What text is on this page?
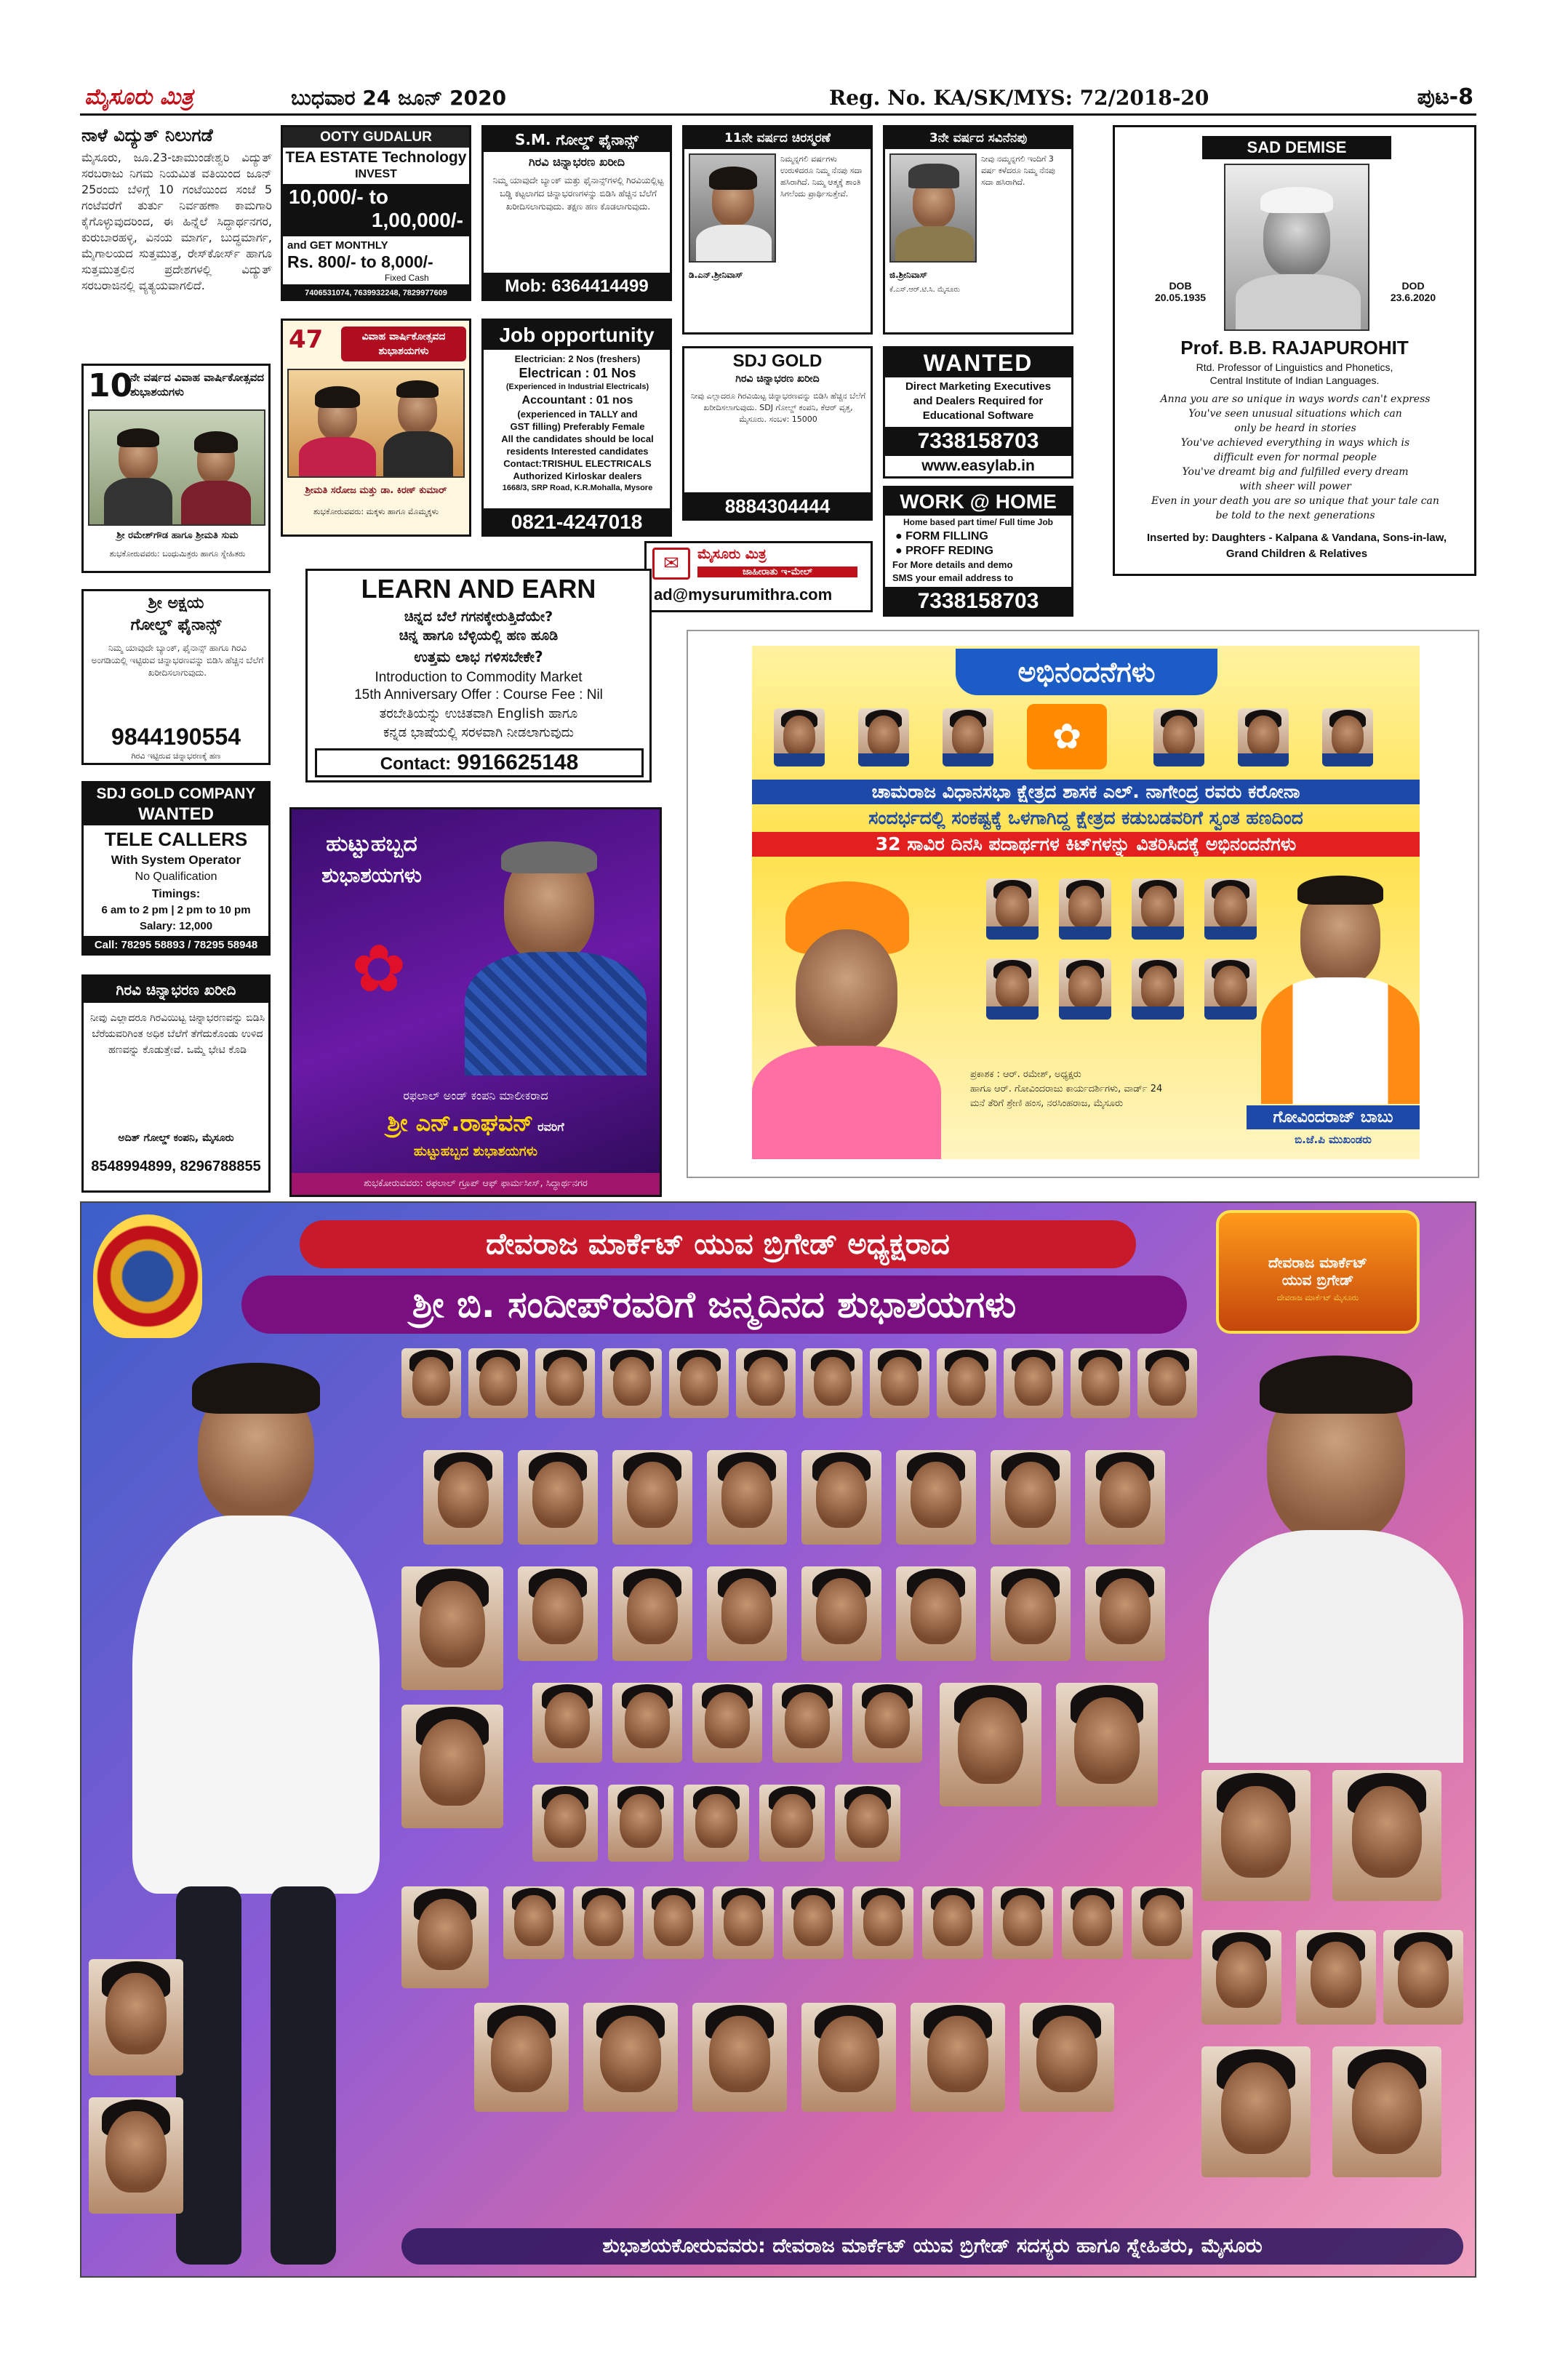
ಮೈಸೂರು ಮಿತ್ರ	ಬುಧವಾರ 24 ಜೂನ್ 2020	Reg. No. KA/SK/MYS: 72/2018-20	ಪುಟ-8
ನಾಳೆ ವಿದ್ಯುತ್ ನಿಲುಗಡೆ
ಮೈಸೂರು, ಜೂ.23-ಚಾಮುಂಡೇಶ್ವರಿ ವಿದ್ಯುತ್ ಸರಬರಾಜು ನಿಗಮ ನಿಯಮಿತ ವತಿಯಿಂದ ಜೂನ್ 25ರಂದು ಬೆಳಿಗ್ಗೆ 10 ಗಂಟೆಯಿಂದ ಸಂಜೆ 5 ಗಂಟೆವರೆಗೆ ತುರ್ತು ನಿರ್ವಹಣಾ ಕಾಮಗಾರಿ ಕೈಗೊಳ್ಳುವುದರಿಂದ, ಈ ಹಿನ್ನೆಲೆ ಸಿದ್ಧಾರ್ಥನಗರ, ಕುರುಬಾರಹಳ್ಳಿ, ವಿನಯ ಮಾರ್ಗ, ಬುದ್ಧಮಾರ್ಗ, ಮೈಗಾಲಯದ ಸುತ್ತಮುತ್ತ, ರೇಸ್‌ಕೋರ್ಸ್ ಹಾಗೂ ಸುತ್ತಮುತ್ತಲಿನ ಪ್ರದೇಶಗಳಲ್ಲಿ ವಿದ್ಯುತ್ ಸರಬರಾಜಿನಲ್ಲಿ ವ್ಯತ್ಯಯವಾಗಲಿದೆ.
10
ನೇ ವರ್ಷದ ವಿವಾಹ ವಾರ್ಷಿಕೋತ್ಸವದ ಶುಭಾಶಯಗಳು
ಶ್ರೀ ರಮೇಶ್‌ಗೌಡ ಹಾಗೂ ಶ್ರೀಮತಿ ಸುಮ
ಶುಭಕೋರುವವರು: ಬಂಧುಮಿತ್ರರು ಹಾಗೂ ಸ್ನೇಹಿತರು
ಶ್ರೀ ಅಕ್ಷಯ
ಗೋಲ್ಡ್ ಫೈನಾನ್ಸ್
ನಿಮ್ಮ ಯಾವುದೇ ಬ್ಯಾಂಕ್, ಫೈನಾನ್ಸ್ ಹಾಗೂ ಗಿರವಿ ಅಂಗಡಿಯಲ್ಲಿ ಇಟ್ಟಿರುವ ಚಿನ್ನಾಭರಣವನ್ನು ಬಿಡಿಸಿ ಹೆಚ್ಚಿನ ಬೆಲೆಗೆ ಖರೀದಿಸಲಾಗುವುದು.
9844190554
ಗಿರವಿ ಇಟ್ಟಿರುವ ಚಿನ್ನಾಭರಣಕ್ಕೆ ಹಣ
SDJ GOLD COMPANY
WANTED
TELE CALLERS
With System Operator
No Qualification
Timings:
6 am to 2 pm | 2 pm to 10 pm
Salary: 12,000
Call: 78295 58893 / 78295 58948
ಗಿರವಿ ಚಿನ್ನಾಭರಣ ಖರೀದಿ
ನೀವು ಎಲ್ಲಾದರೂ ಗಿರವಿಯಿಟ್ಟ ಚಿನ್ನಾಭರಣವನ್ನು ಬಿಡಿಸಿ ಬೆರೆಯವರಿಗಿಂತ ಅಧಿಕ ಬೆಲೆಗೆ ತೆಗೆದುಕೊಂಡು ಉಳಿದ ಹಣವನ್ನು ಕೊಡುತ್ತೇವೆ. ಒಮ್ಮೆ ಭೇಟಿ ಕೊಡಿ
ಅದಿತ್ ಗೋಲ್ಡ್ ಕಂಪನಿ, ಮೈಸೂರು
8548994899, 8296788855
OOTY GUDALUR
TEA ESTATE Technology
INVEST
10,000/- to
1,00,000/-
and GET MONTHLY
Rs. 800/- to 8,000/-
Fixed Cash
7406531074, 7639932248, 7829977609
47	ವಿವಾಹ ವಾರ್ಷಿಕೋತ್ಸವದ ಶುಭಾಶಯಗಳು
ಶ್ರೀಮತಿ ಸರೋಜ ಮತ್ತು ಡಾ. ಕಿರಣ್ ಕುಮಾರ್
ಶುಭಕೋರುವವರು: ಮಕ್ಕಳು ಹಾಗೂ ಮೊಮ್ಮಕ್ಕಳು
S.M. ಗೋಲ್ಡ್ ಫೈನಾನ್ಸ್
ಗಿರವಿ ಚಿನ್ನಾಭರಣ ಖರೀದಿ
ನಿಮ್ಮ ಯಾವುದೇ ಬ್ಯಾಂಕ್ ಮತ್ತು ಫೈನಾನ್ಸ್‌ಗಳಲ್ಲಿ ಗಿರವಿಯಲ್ಲಿಟ್ಟ ಬಡ್ಡಿ ಕಟ್ಟಲಾಗದ ಚಿನ್ನಾಭರಣಗಳನ್ನು ಬಿಡಿಸಿ ಹೆಚ್ಚಿನ ಬೆಲೆಗೆ ಖರೀದಿಸಲಾಗುವುದು. ತಕ್ಷಣ ಹಣ ಕೊಡಲಾಗುವುದು.
Mob: 6364414499
Job opportunity
Electrician: 2 Nos (freshers)
Electrican : 01 Nos
(Experienced in Industrial Electricals)
Accountant : 01 nos
(experienced in TALLY and
GST filling) Preferably Female
All the candidates should be local
residents Interested candidates
Contact:TRISHUL ELECTRICALS
Authorized Kirloskar dealers
1668/3, SRP Road, K.R.Mohalla, Mysore
0821-4247018
11ನೇ ವರ್ಷದ ಚಿರಸ್ಮರಣೆ
ನಿಮ್ಮನ್ನಗಲಿ ವರ್ಷಗಳು ಉರುಳಿದರೂ ನಿಮ್ಮ ನೆನಪು ಸದಾ ಹಸಿರಾಗಿದೆ. ನಿಮ್ಮ ಆತ್ಮಕ್ಕೆ ಶಾಂತಿ ಸಿಗಲೆಂದು ಪ್ರಾರ್ಥಿಸುತ್ತೇವೆ.
ಡಿ.ಎನ್.ಶ್ರೀನಿವಾಸ್
SDJ GOLD
ಗಿರವಿ ಚಿನ್ನಾಭರಣ ಖರೀದಿ
ನೀವು ಎಲ್ಲಾದರೂ ಗಿರವಿಯಿಟ್ಟ ಚಿನ್ನಾಭರಣವನ್ನು ಬಿಡಿಸಿ ಹೆಚ್ಚಿನ ಬೆಲೆಗೆ ಖರೀದಿಸಲಾಗುವುದು. SDJ ಗೋಲ್ಡ್ ಕಂಪನಿ, ಕೆಆರ್ ವೃತ್ತ, ಮೈಸೂರು. ಸಂಬಳ: 15000
8884304444
ಮೈಸೂರು ಮಿತ್ರ
ಜಾಹೀರಾತು ಇ-ಮೇಲ್
ad@mysurumithra.com
✉
3ನೇ ವರ್ಷದ ಸವಿನೆನಪು
ನೀವು ನಮ್ಮನ್ನಗಲಿ ಇಂದಿಗೆ 3 ವರ್ಷ ಕಳೆದರೂ ನಿಮ್ಮ ನೆನಪು ಸದಾ ಹಸಿರಾಗಿದೆ.
ಜಿ.ಶ್ರೀನಿವಾಸ್
ಕೆ.ಎಸ್.ಆರ್.ಟಿ.ಸಿ. ಮೈಸೂರು
WANTED
Direct Marketing Executives
and Dealers Required for
Educational Software
7338158703
www.easylab.in
WORK @ HOME
Home based part time/ Full time Job
● FORM FILLING
● PROFF REDING
For More details and demo
SMS your email address to
7338158703
SAD DEMISE
DOB
20.05.1935
DOD
23.6.2020
Prof. B.B. RAJAPUROHIT
Rtd. Professor of Linguistics and Phonetics,
Central Institute of Indian Languages.
Anna you are so unique in ways words can't express
You've seen unusual situations which can
only be heard in stories
You've achieved everything in ways which is
difficult even for normal people
You've dreamt big and fulfilled every dream
with sheer will power
Even in your death you are so unique that your tale can
be told to the next generations
Inserted by: Daughters - Kalpana & Vandana, Sons-in-law, Grand Children & Relatives
LEARN AND EARN
ಚಿನ್ನದ ಬೆಲೆ ಗಗನಕ್ಕೇರುತ್ತಿದೆಯೇ?
ಚಿನ್ನ ಹಾಗೂ ಬೆಳ್ಳಿಯಲ್ಲಿ ಹಣ ಹೂಡಿ
ಉತ್ತಮ ಲಾಭ ಗಳಿಸಬೇಕೇ?
Introduction to Commodity Market
15th Anniversary Offer : Course Fee : Nil
ತರಬೇತಿಯನ್ನು ಉಚಿತವಾಗಿ English ಹಾಗೂ
ಕನ್ನಡ ಭಾಷೆಯಲ್ಲಿ ಸರಳವಾಗಿ ನೀಡಲಾಗುವುದು
Contact: 9916625148
ಹುಟ್ಟುಹಬ್ಬದ
ಶುಭಾಶಯಗಳು
✿
ರಫಲಾಲ್ ಅಂಡ್ ಕಂಪನಿ ಮಾಲೀಕರಾದ
ಶ್ರೀ ಎನ್.ರಾಘವನ್ ರವರಿಗೆ
ಹುಟ್ಟುಹಬ್ಬದ ಶುಭಾಶಯಗಳು
ಶುಭಕೋರುವವರು: ರಫಲಾಲ್ ಗ್ರೂಪ್ ಆಫ್ ಫಾರ್ಮಸೀಸ್, ಸಿದ್ಧಾರ್ಥನಗರ
ಅಭಿನಂದನೆಗಳು
✿
ಚಾಮರಾಜ ವಿಧಾನಸಭಾ ಕ್ಷೇತ್ರದ ಶಾಸಕ ಎಲ್. ನಾಗೇಂದ್ರ ರವರು ಕರೋನಾ
ಸಂದರ್ಭದಲ್ಲಿ ಸಂಕಷ್ಟಕ್ಕೆ ಒಳಗಾಗಿದ್ದ ಕ್ಷೇತ್ರದ ಕಡುಬಡವರಿಗೆ ಸ್ವಂತ ಹಣದಿಂದ
32 ಸಾವಿರ ದಿನಸಿ ಪದಾರ್ಥಗಳ ಕಿಟ್‌ಗಳನ್ನು ವಿತರಿಸಿದಕ್ಕೆ ಅಭಿನಂದನೆಗಳು
ಪ್ರಕಾಶಕ : ಆರ್. ರಮೇಶ್, ಅಧ್ಯಕ್ಷರು
ಹಾಗೂ ಆರ್. ಗೋವಿಂದರಾಜು ಕಾರ್ಯದರ್ಶಿಗಳು, ವಾರ್ಡ್ 24
ಮನೆ ತೆರಿಗೆ ಶ್ರೇಣಿ ಹಂಸ, ನರಸಿಂಹರಾಜ, ಮೈಸೂರು
ಗೋವಿಂದರಾಜ್ ಬಾಬು
ಬಿ.ಜೆ.ಪಿ ಮುಖಂಡರು
ದೇವರಾಜ ಮಾರ್ಕೆಟ್ ಯುವ ಬ್ರಿಗೇಡ್ ಅಧ್ಯಕ್ಷರಾದ
ಶ್ರೀ ಬಿ. ಸಂದೀಪ್‌ರವರಿಗೆ ಜನ್ಮದಿನದ ಶುಭಾಶಯಗಳು
ದೇವರಾಜ ಮಾರ್ಕೆಟ್
ಯುವ ಬ್ರಿಗೇಡ್
ದೇವರಾಜ ಮಾರ್ಕೆಟ್ ಮೈಸೂರು
ಶುಭಾಶಯಕೋರುವವರು: ದೇವರಾಜ ಮಾರ್ಕೆಟ್ ಯುವ ಬ್ರಿಗೇಡ್ ಸದಸ್ಯರು ಹಾಗೂ ಸ್ನೇಹಿತರು, ಮೈಸೂರು
